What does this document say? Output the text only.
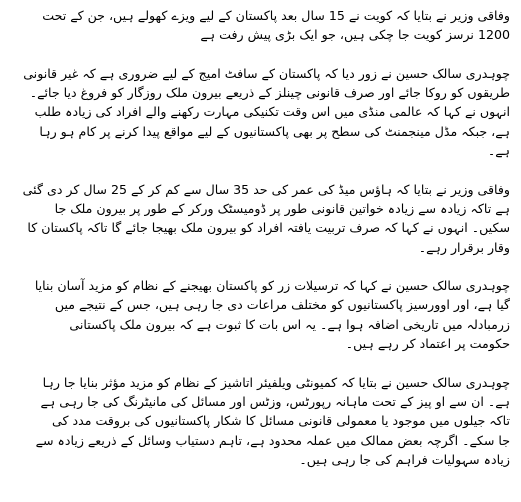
وفاقی وزیر نے بتایا کہ کویت نے 15 سال بعد پاکستان کے لیے ویزے کھولے ہیں، جن کے تحت
1200 نرسز کویت جا چکی ہیں، جو ایک بڑی پیش رفت ہے

چوہدری سالک حسین نے زور دیا کہ پاکستان کے سافٹ امیج کے لیے ضروری ہے کہ غیر قانونی
طریقوں کو روکا جائے اور صرف قانونی چینلز کے ذریعے بیرون ملک روزگار کو فروغ دیا جائے۔
انہوں نے کہا کہ عالمی منڈی میں اس وقت تکنیکی مہارت رکھنے والے افراد کی زیادہ طلب
ہے، جبکہ مڈل مینجمنٹ کی سطح پر بھی پاکستانیوں کے لیے مواقع پیدا کرنے پر کام ہو رہا
ہے۔

وفاقی وزیر نے بتایا کہ ہاؤس میڈ کی عمر کی حد 35 سال سے کم کر کے 25 سال کر دی گئی
ہے تاکہ زیادہ سے زیادہ خواتین قانونی طور پر ڈومیسٹک ورکر کے طور پر بیرون ملک جا
سکیں۔ انہوں نے کہا کہ صرف تربیت یافتہ افراد کو بیرون ملک بھیجا جائے گا تاکہ پاکستان کا
وقار برقرار رہے۔

چوہدری سالک حسین نے کہا کہ ترسیلات زر کو پاکستان بھیجنے کے نظام کو مزید آسان بنایا
گیا ہے، اور اوورسیز پاکستانیوں کو مختلف مراعات دی جا رہی ہیں، جس کے نتیجے میں
زرمبادلہ میں تاریخی اضافہ ہوا ہے۔ یہ اس بات کا ثبوت ہے کہ بیرون ملک پاکستانی
حکومت پر اعتماد کر رہے ہیں۔

چوہدری سالک حسین نے بتایا کہ کمیونٹی ویلفیئر اتاشیز کے نظام کو مزید مؤثر بنایا جا رہا
ہے۔ ان سے او پیز کے تحت ماہانہ رپورٹس، وزٹس اور مسائل کی مانیٹرنگ کی جا رہی ہے
تاکہ جیلوں میں موجود یا معمولی قانونی مسائل کا شکار پاکستانیوں کی بروقت مدد کی
جا سکے۔ اگرچہ بعض ممالک میں عملہ محدود ہے، تاہم دستیاب وسائل کے ذریعے زیادہ سے
زیادہ سہولیات فراہم کی جا رہی ہیں۔
